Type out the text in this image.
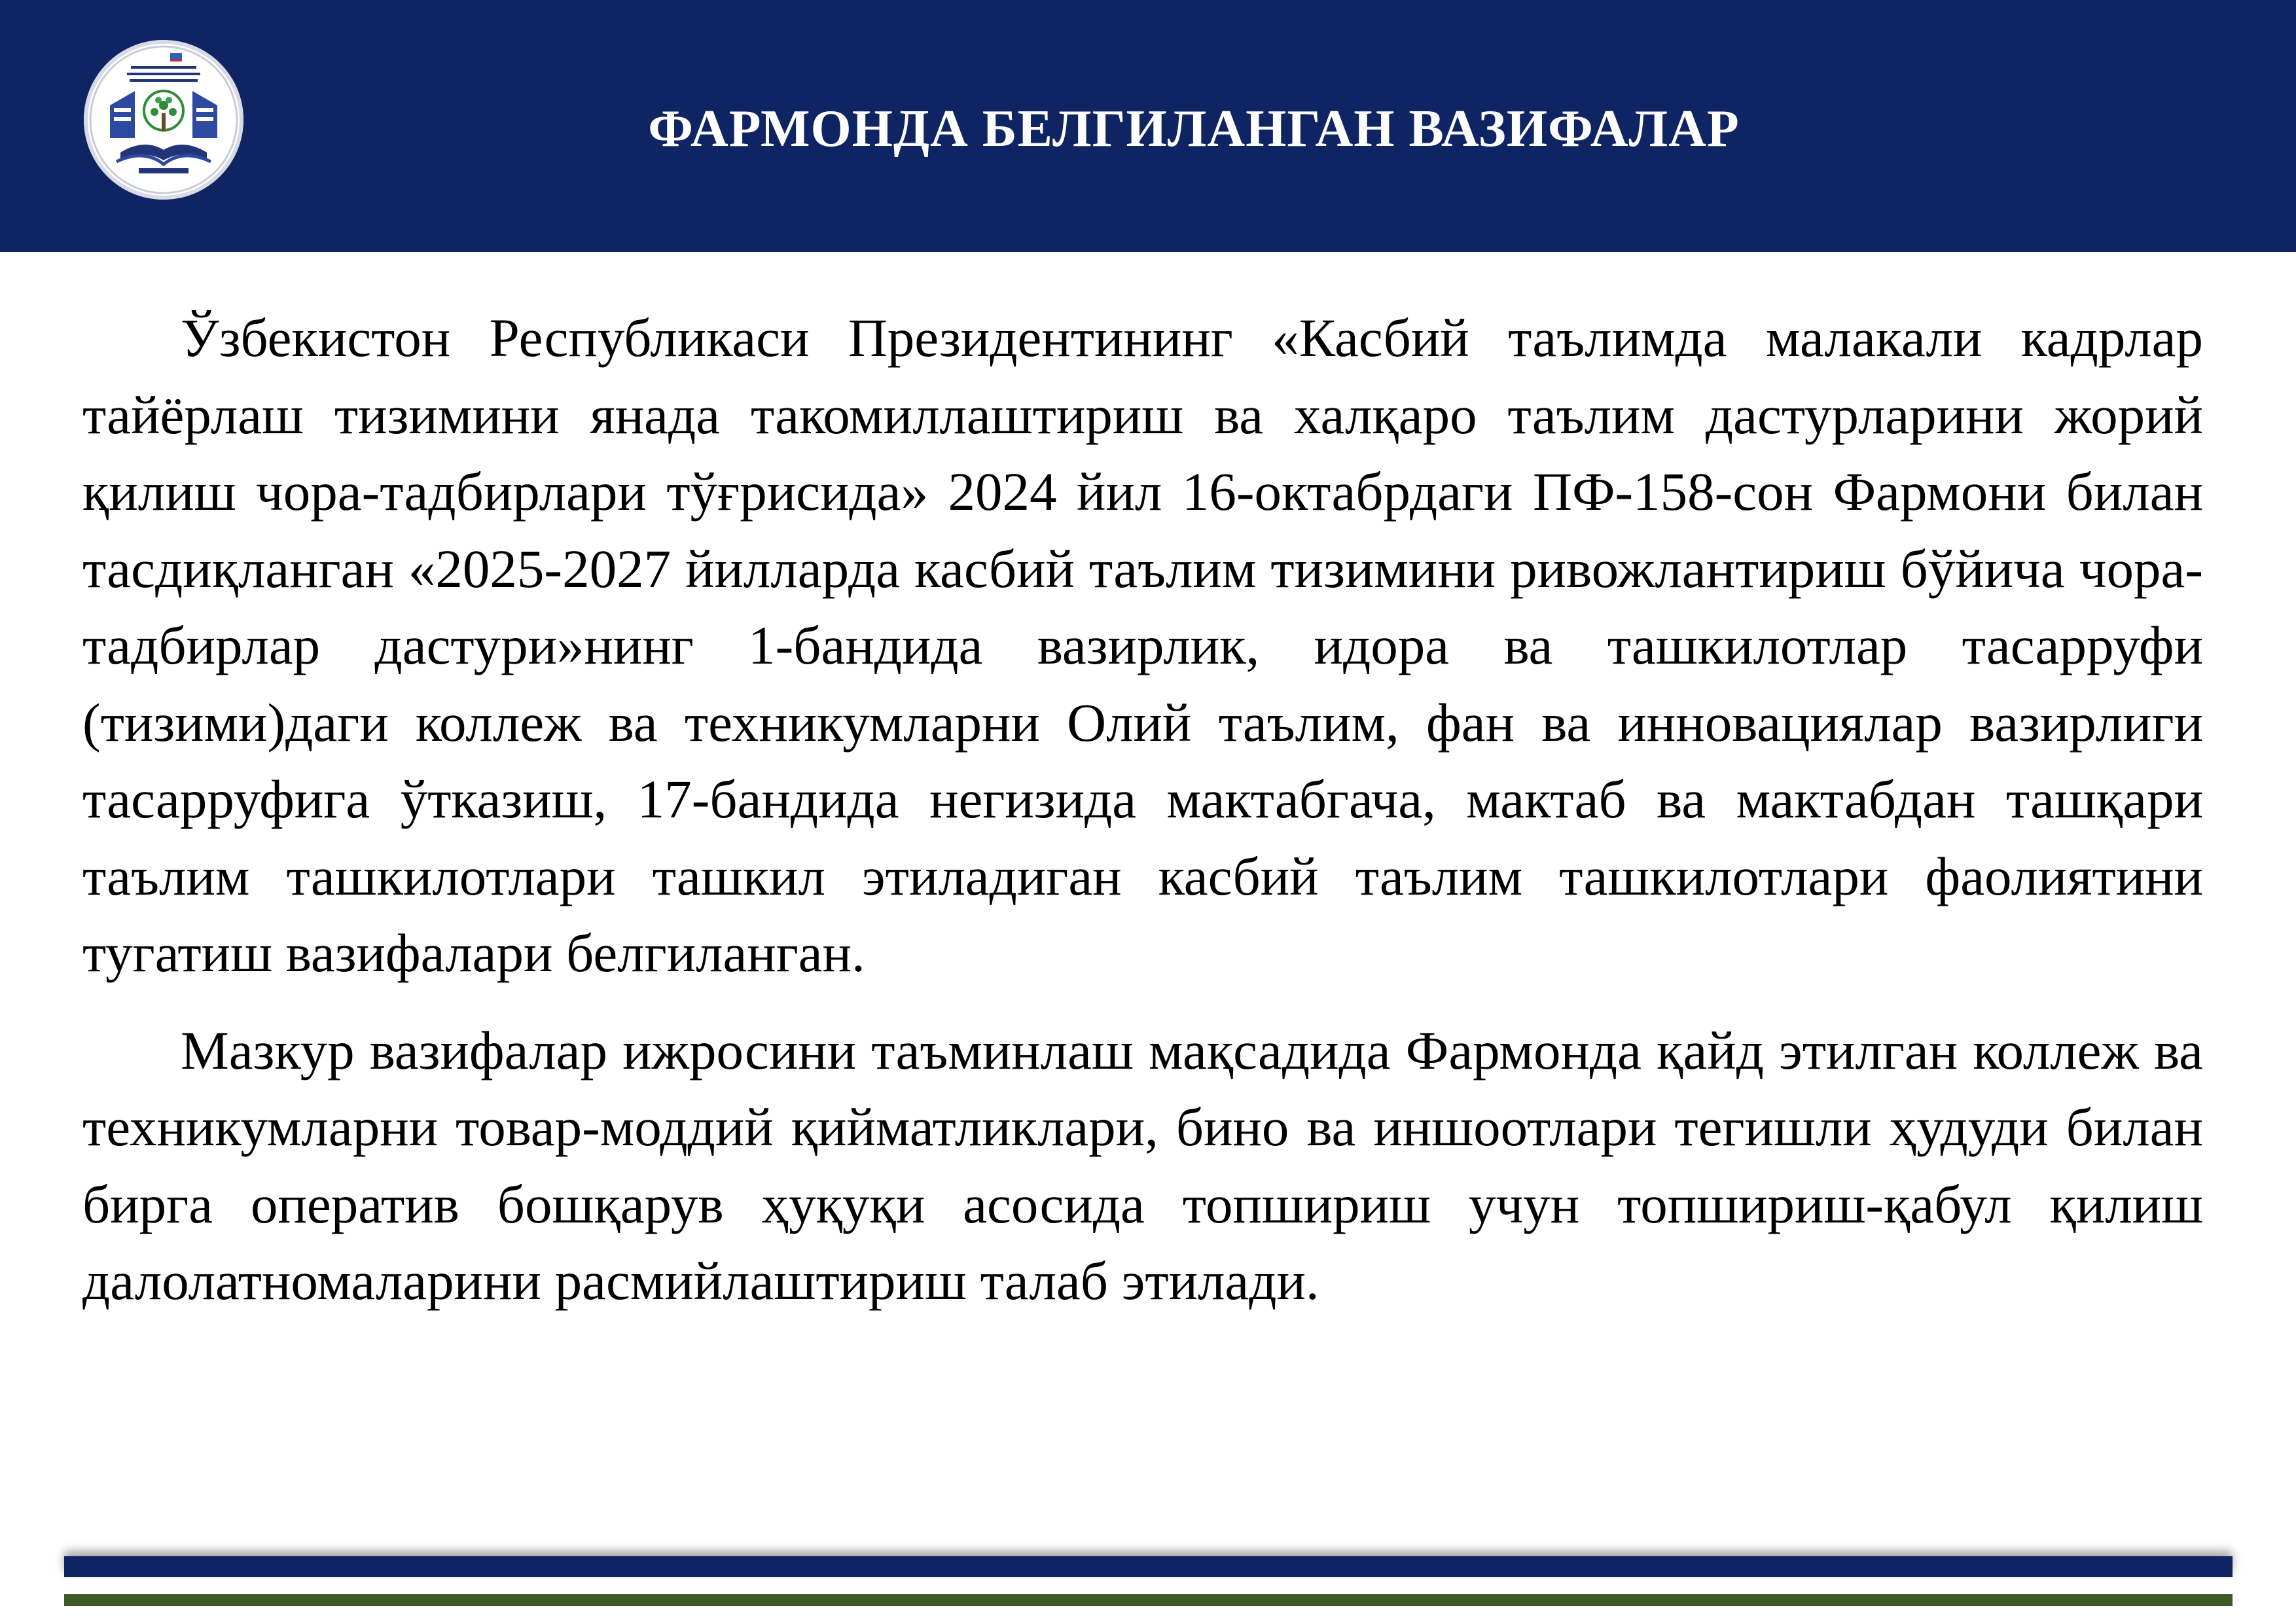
ФАРМОНДА БЕЛГИЛАНГАН ВАЗИФАЛАР

Ўзбекистон Республикаси Президентининг «Касбий таълимда малакали кадрлар тайёрлаш тизимини янада такомиллаштириш ва халқаро таълим дастурларини жорий қилиш чора-тадбирлари тўғрисида» 2024 йил 16-октабрдаги ПФ-158-сон Фармони билан тасдиқланган «2025-2027 йилларда касбий таълим тизимини ривожлантириш бўйича чора-тадбирлар дастури»нинг 1-бандида вазирлик, идора ва ташкилотлар тасарруфи (тизими)даги коллеж ва техникумларни Олий таълим, фан ва инновациялар вазирлиги тасарруфига ўтказиш, 17-бандида негизида мактабгача, мактаб ва мактабдан ташқари таълим ташкилотлари ташкил этиладиган касбий таълим ташкилотлари фаолиятини тугатиш вазифалари белгиланган.

Мазкур вазифалар ижросини таъминлаш мақсадида Фармонда қайд этилган коллеж ва техникумларни товар-моддий қийматликлари, бино ва иншоотлари тегишли ҳудуди билан бирга оператив бошқарув ҳуқуқи асосида топшириш учун топшириш-қабул қилиш далолатномаларини расмийлаштириш талаб этилади.
